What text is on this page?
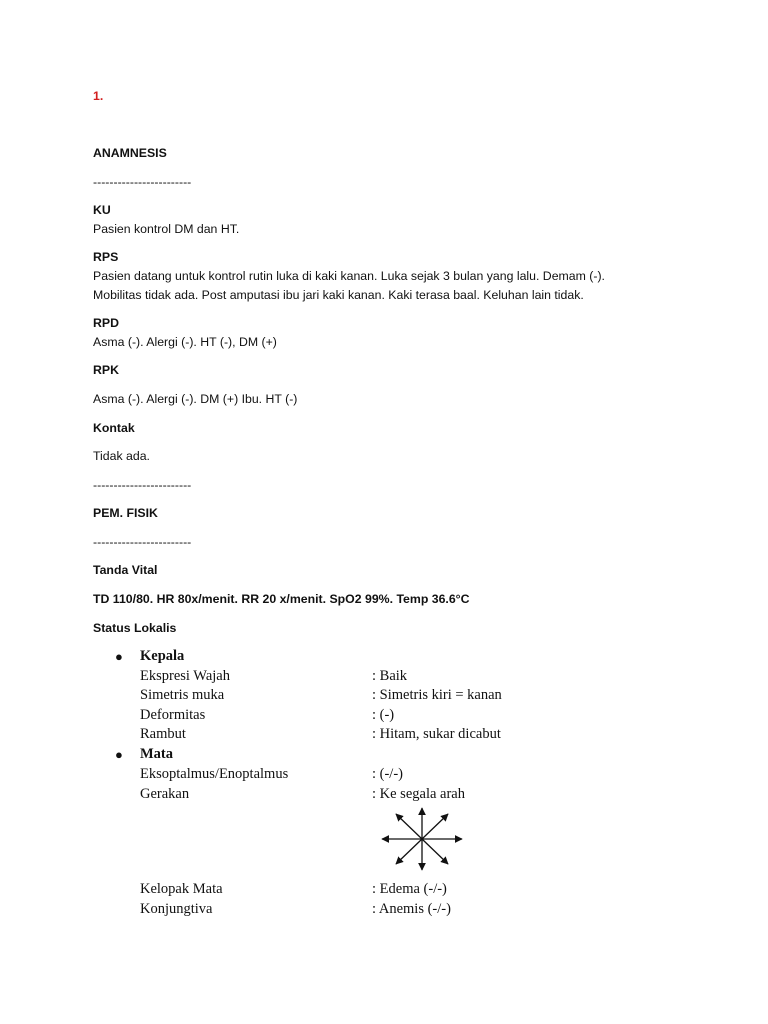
1.

ANAMNESIS

------------------------

KU

Pasien kontrol DM dan HT.

RPS

Pasien datang untuk kontrol rutin luka di kaki kanan. Luka sejak 3 bulan yang lalu. Demam (-).

Mobilitas tidak ada. Post amputasi ibu jari kaki kanan. Kaki terasa baal. Keluhan lain tidak.

RPD

Asma (-). Alergi (-). HT (-), DM (+)

RPK

Asma (-). Alergi (-). DM (+) Ibu. HT (-)

Kontak

Tidak ada.

------------------------

PEM. FISIK

------------------------

Tanda Vital

TD 110/80. HR 80x/menit. RR 20 x/menit. SpO2 99%. Temp 36.6°C

Status Lokalis

● Kepala
Ekspresi Wajah	: Baik
Simetris muka	: Simetris kiri = kanan
Deformitas	: (-)
Rambut	: Hitam, sukar dicabut
● Mata
Eksoptalmus/Enoptalmus	: (-/-)
Gerakan	: Ke segala arah
Kelopak Mata	: Edema (-/-)
Konjungtiva	: Anemis (-/-)
